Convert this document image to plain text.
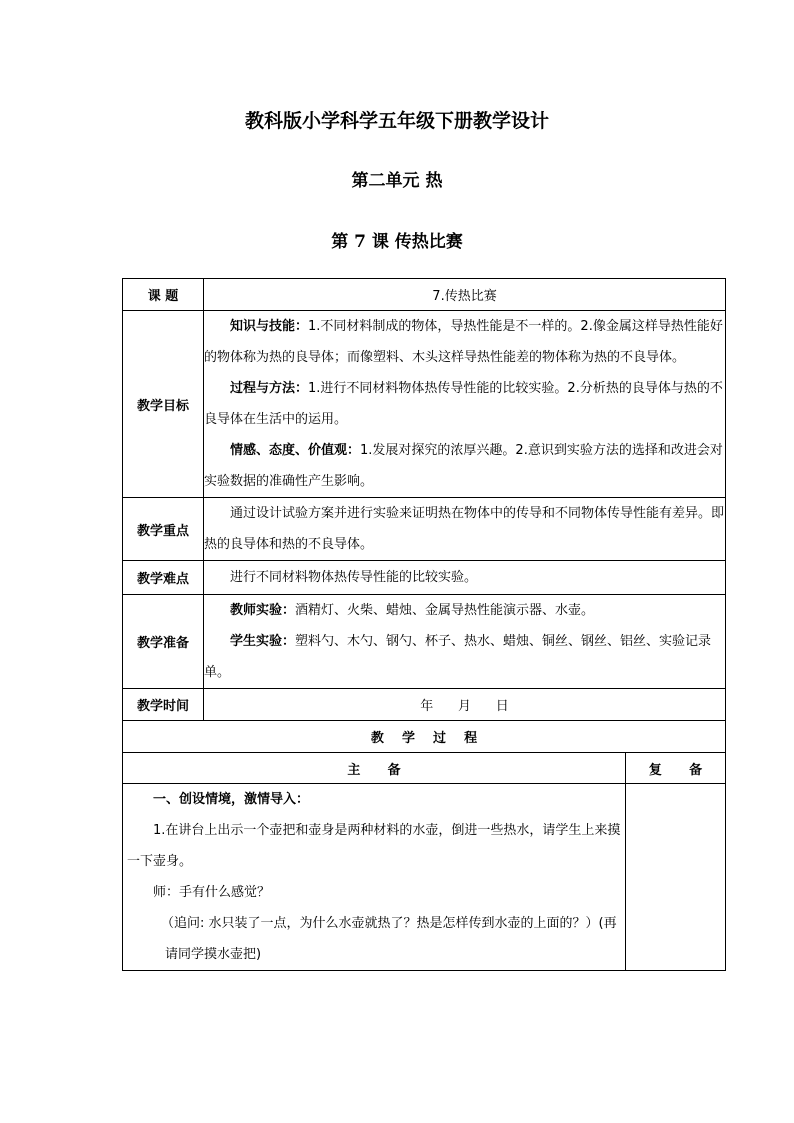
教科版小学科学五年级下册教学设计
第二单元 热
第 7 课 传热比赛
课 题	7.传热比赛	
教学目标	知识与技能：1.不同材料制成的物体，导热性能是不一样的。2.像金属这样导热性能好的物体称为热的良导体；而像塑料、木头这样导热性能差的物体称为热的不良导体。
过程与方法：1.进行不同材料物体热传导性能的比较实验。2.分析热的良导体与热的不良导体在生活中的运用。
情感、态度、价值观：1.发展对探究的浓厚兴趣。2.意识到实验方法的选择和改进会对实验数据的准确性产生影响。	

教学重点	通过设计试验方案并进行实验来证明热在物体中的传导和不同物体传导性能有差异。即热的良导体和热的不良导体。	

教学难点	进行不同材料物体热传导性能的比较实验。	

教学准备	教师实验：酒精灯、火柴、蜡烛、金属导热性能演示器、水壶。
学生实验：塑料勺、木勺、钢勺、杯子、热水、蜡烛、铜丝、钢丝、铝丝、实验记录单。	

教学时间	年      月      日	
教    学    过    程		
主      备		复      备

一、创设情境，激情导入：
1.在讲台上出示一个壶把和壶身是两种材料的水壶，倒进一些热水，请学生上来摸一下壶身。
师：手有什么感觉？
（追问: 水只装了一点，为什么水壶就热了？热是怎样传到水壶的上面的？）(再请同学摸水壶把)		
